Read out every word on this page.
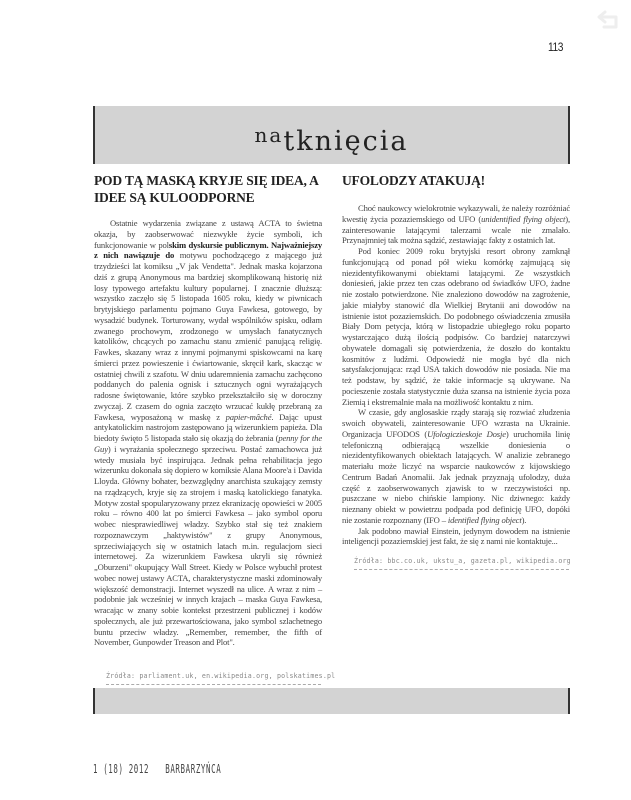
113
$^{na}$tknięcia
POD TĄ MASKĄ KRYJE SIĘ IDEA, A IDEE SĄ KULOODPORNE

Ostatnie wydarzenia związane z ustawą ACTA to świetna okazja, by zaobserwować niezwykłe życie symboli, ich funkcjonowanie w polskim dyskursie publicznym. Najważniejszy z nich nawiązuje do motywu pochodzącego z mającego już trzydzieści lat komiksu „V jak Vendetta". Jednak maska kojarzona dziś z grupą Anonymous ma bardziej skomplikowaną historię niż losy typowego artefaktu kultury popularnej. I znacznie dłuższą: wszystko zaczęło się 5 listopada 1605 roku, kiedy w piwnicach brytyjskiego parlamentu pojmano Guya Fawkesa, gotowego, by wysadzić budynek. Torturowany, wydał wspólników spisku, odłam zwanego prochowym, zrodzonego w umysłach fanatycznych katolików, chcących po zamachu stanu zmienić panującą religię. Fawkes, skazany wraz z innymi pojmanymi spiskowcami na karę śmierci przez powieszenie i ćwiartowanie, skręcił kark, skacząc w ostatniej chwili z szafotu. W dniu udaremnienia zamachu zachęcono poddanych do palenia ognisk i sztucznych ogni wyrażających radosne świętowanie, które szybko przekształciło się w doroczny zwyczaj. Z czasem do ognia zaczęto wrzucać kukłę przebraną za Fawkesa, wyposażoną w maskę z papier-mâché. Dając upust antykatolickim nastrojom zastępowano ją wizerunkiem papieża. Dla biedoty święto 5 listopada stało się okazją do żebrania (penny for the Guy) i wyrażania społecznego sprzeciwu. Postać zamachowca już wtedy musiała być inspirująca. Jednak pełna rehabilitacja jego wizerunku dokonała się dopiero w komiksie Alana Moore'a i Davida Lloyda. Główny bohater, bezwzględny anarchista szukający zemsty na rządzących, kryje się za strojem i maską katolickiego fanatyka. Motyw został spopularyzowany przez ekranizację opowieści w 2005 roku – równo 400 lat po śmierci Fawkesa – jako symbol oporu wobec niesprawiedliwej władzy. Szybko stał się też znakiem rozpoznawczym „haktywistów" z grupy Anonymous, sprzeciwiających się w ostatnich latach m.in. regulacjom sieci internetowej. Za wizerunkiem Fawkesa ukryli się również „Oburzeni" okupujący Wall Street. Kiedy w Polsce wybuchł protest wobec nowej ustawy ACTA, charakterystyczne maski zdominowały większość demonstracji. Internet wyszedł na ulice. A wraz z nim – podobnie jak wcześniej w innych krajach – maska Guya Fawkesa, wracając w znany sobie kontekst przestrzeni publicznej i kodów społecznych, ale już przewartościowana, jako symbol szlachetnego buntu przeciw władzy. „Remember, remember, the fifth of November, Gunpowder Treason and Plot".

Źródła: parliament.uk, en.wikipedia.org, polskatimes.pl
UFOLODZY ATAKUJĄ!

Choć naukowcy wielokrotnie wykazywali, że należy rozróżniać kwestię życia pozaziemskiego od UFO (unidentified flying object), zainteresowanie latającymi talerzami wcale nie zmalało. Przynajmniej tak można sądzić, zestawiając fakty z ostatnich lat.

Pod koniec 2009 roku brytyjski resort obrony zamknął funkcjonującą od ponad pół wieku komórkę zajmującą się niezidentyfikowanymi obiektami latającymi. Ze wszystkich doniesień, jakie przez ten czas odebrano od świadków UFO, żadne nie zostało potwierdzone. Nie znaleziono dowodów na zagrożenie, jakie miałyby stanowić dla Wielkiej Brytanii ani dowodów na istnienie istot pozaziemskich. Do podobnego oświadczenia zmusiła Biały Dom petycja, którą w listopadzie ubiegłego roku poparto wystarczająco dużą ilością podpisów. Co bardziej natarczywi obywatele domagali się potwierdzenia, że doszło do kontaktu kosmitów z ludźmi. Odpowiedź nie mogła być dla nich satysfakcjonująca: rząd USA takich dowodów nie posiada. Nie ma też podstaw, by sądzić, że takie informacje są ukrywane. Na pocieszenie została statystycznie duża szansa na istnienie życia poza Ziemią i ekstremalnie mała na możliwość kontaktu z nim.

W czasie, gdy anglosaskie rządy starają się rozwiać złudzenia swoich obywateli, zainteresowanie UFO wzrasta na Ukrainie. Organizacja UFODOS (Ufologiczieskoje Dosje) uruchomiła linię telefoniczną odbierającą wszelkie doniesienia o niezidentyfikowanych obiektach latających. W analizie zebranego materiału może liczyć na wsparcie naukowców z kijowskiego Centrum Badań Anomalii. Jak jednak przyznają ufolodzy, duża część z zaobserwowanych zjawisk to w rzeczywistości np. puszczane w niebo chińskie lampiony. Nic dziwnego: każdy nieznany obiekt w powietrzu podpada pod definicję UFO, dopóki nie zostanie rozpoznany (IFO – identified flying object).

Jak podobno mawiał Einstein, jedynym dowodem na istnienie inteligencji pozaziemskiej jest fakt, że się z nami nie kontaktuje...

Źródła: bbc.co.uk, ukstu_a, gazeta.pl, wikipedia.org
1 (18) 2012 BARBARZYŃCA
